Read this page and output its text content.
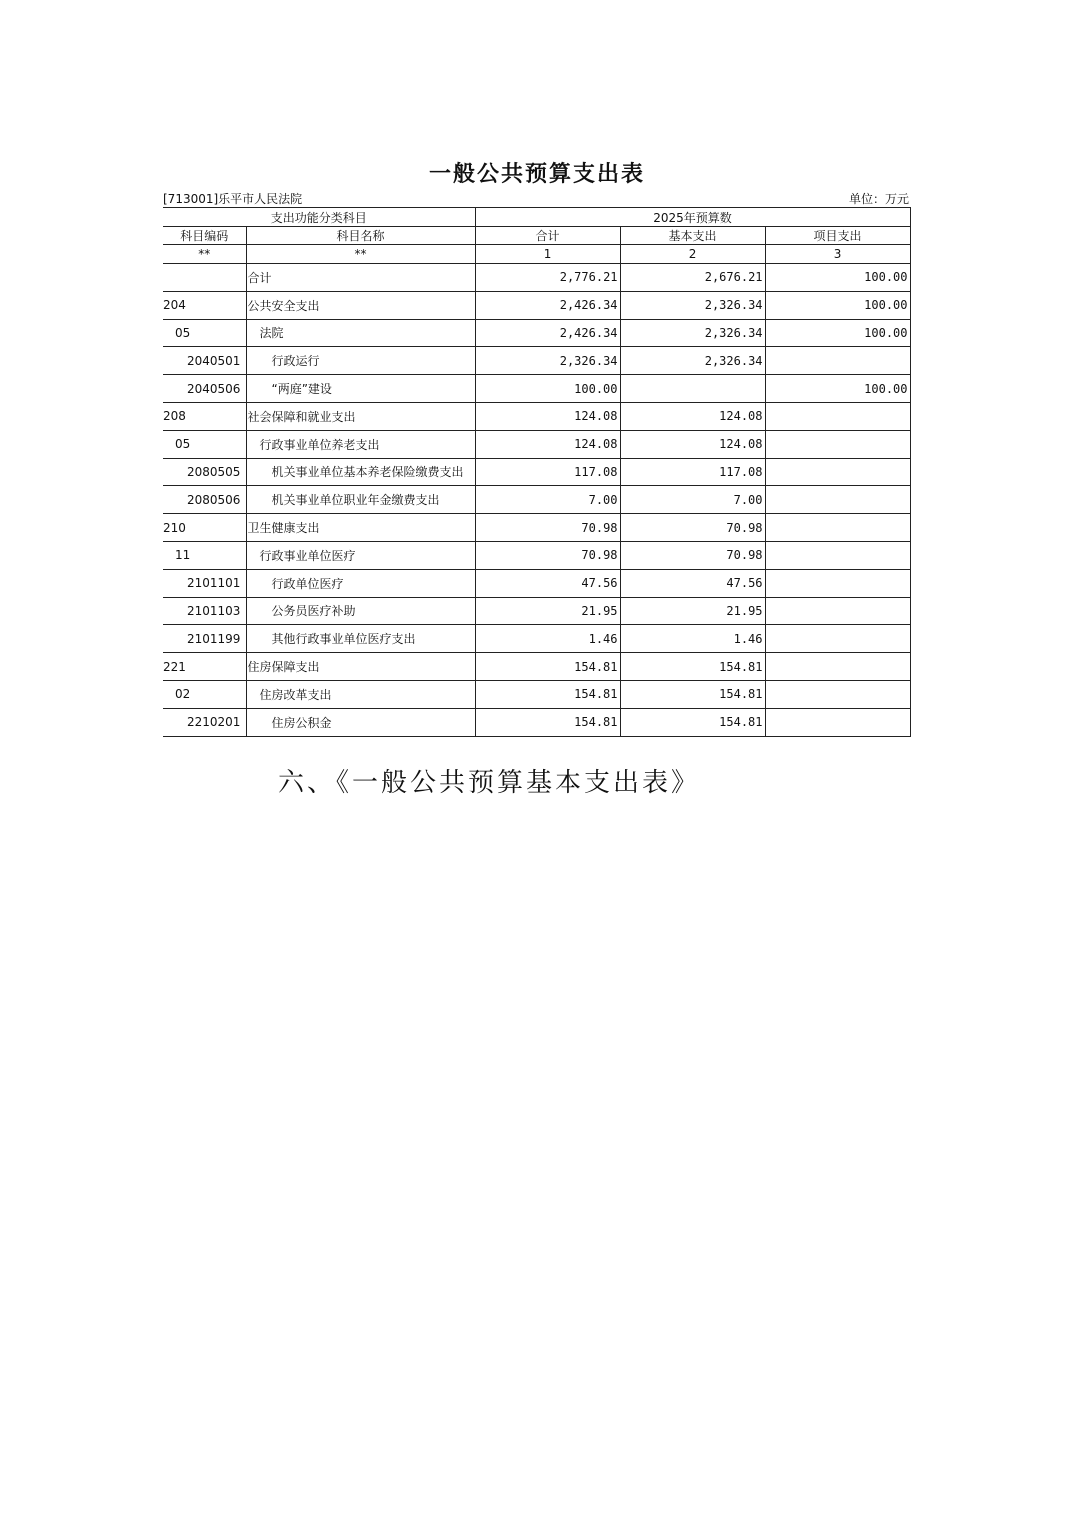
一般公共预算支出表
[713001]乐平市人民法院	单位：万元
支出功能分类科目		2025年预算数		
科目编码	科目名称	合计	基本支出	项目支出
**	**	1	2	3
	合计	2,776.21	2,676.21	100.00
204	公共安全支出	2,426.34	2,326.34	100.00
05	法院	2,426.34	2,326.34	100.00
2040501	行政运行	2,326.34	2,326.34	
2040506	“两庭”建设	100.00		100.00
208	社会保障和就业支出	124.08	124.08	
05	行政事业单位养老支出	124.08	124.08	
2080505	机关事业单位基本养老保险缴费支出	117.08	117.08	
2080506	机关事业单位职业年金缴费支出	7.00	7.00	
210	卫生健康支出	70.98	70.98	
11	行政事业单位医疗	70.98	70.98	
2101101	行政单位医疗	47.56	47.56	
2101103	公务员医疗补助	21.95	21.95	
2101199	其他行政事业单位医疗支出	1.46	1.46	
221	住房保障支出	154.81	154.81	
02	住房改革支出	154.81	154.81	
2210201	住房公积金	154.81	154.81	
六、《一般公共预算基本支出表》
